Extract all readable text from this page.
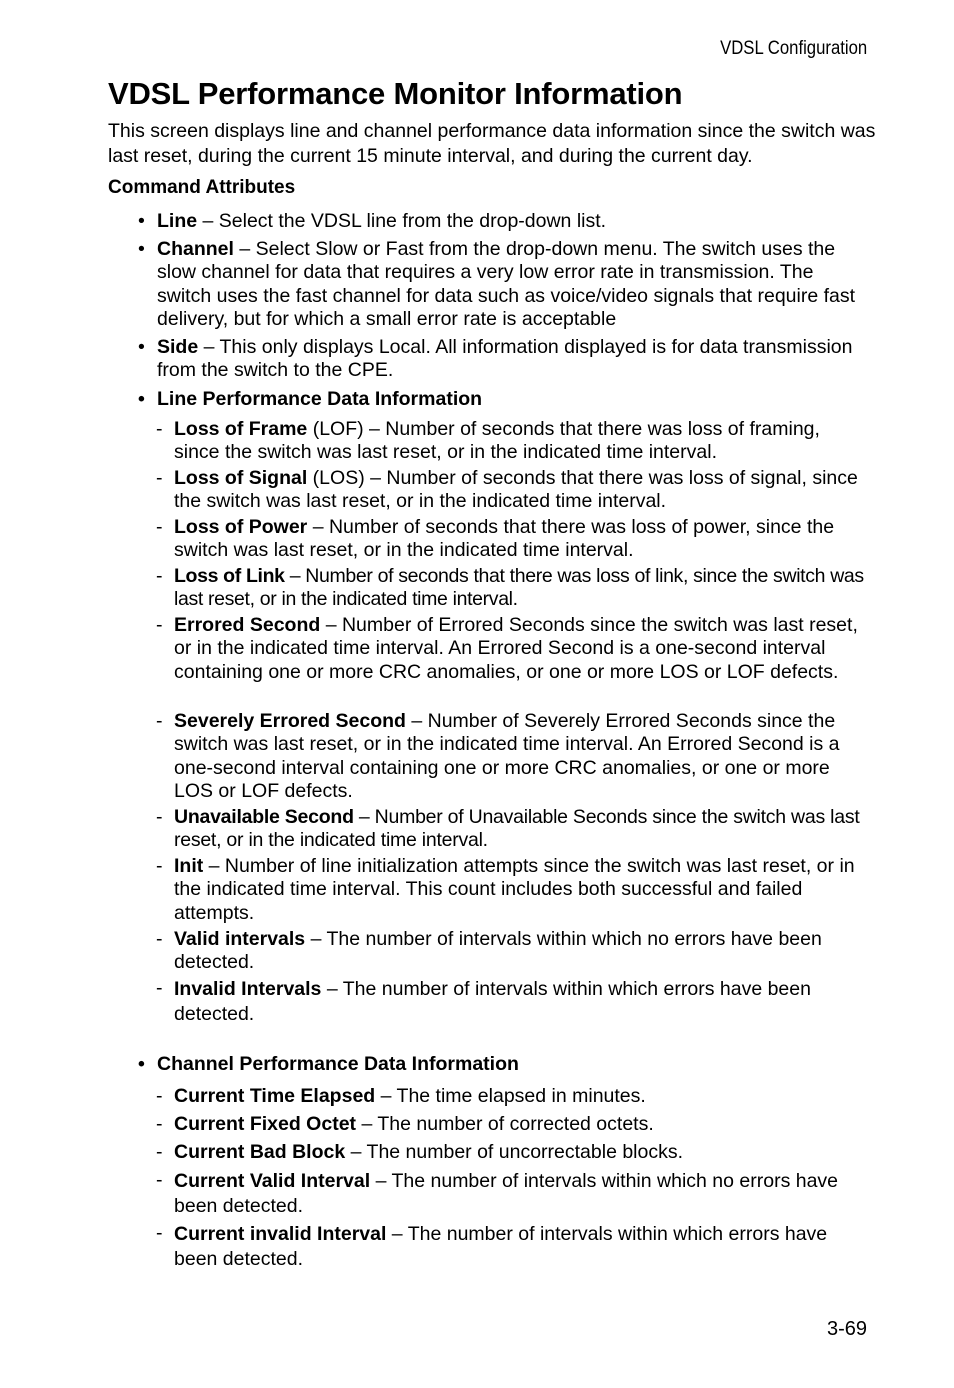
VDSL Configuration
VDSL Performance Monitor Information

This screen displays line and channel performance data information since the switch was last reset, during the current 15 minute interval, and during the current day.

Command Attributes
• Line – Select the VDSL line from the drop-down list.
• Channel – Select Slow or Fast from the drop-down menu. The switch uses the slow channel for data that requires a very low error rate in transmission. The switch uses the fast channel for data such as voice/video signals that require fast delivery, but for which a small error rate is acceptable
• Side – This only displays Local. All information displayed is for data transmission from the switch to the CPE.
• Line Performance Data Information
- Loss of Frame (LOF) – Number of seconds that there was loss of framing, since the switch was last reset, or in the indicated time interval.
- Loss of Signal (LOS) – Number of seconds that there was loss of signal, since the switch was last reset, or in the indicated time interval.
- Loss of Power – Number of seconds that there was loss of power, since the switch was last reset, or in the indicated time interval.
- Loss of Link – Number of seconds that there was loss of link, since the switch was last reset, or in the indicated time interval.
- Errored Second – Number of Errored Seconds since the switch was last reset, or in the indicated time interval. An Errored Second is a one-second interval containing one or more CRC anomalies, or one or more LOS or LOF defects.
- Severely Errored Second – Number of Severely Errored Seconds since the switch was last reset, or in the indicated time interval. An Errored Second is a one-second interval containing one or more CRC anomalies, or one or more LOS or LOF defects.
- Unavailable Second – Number of Unavailable Seconds since the switch was last reset, or in the indicated time interval.
- Init – Number of line initialization attempts since the switch was last reset, or in the indicated time interval. This count includes both successful and failed attempts.
- Valid intervals – The number of intervals within which no errors have been detected.
- Invalid Intervals – The number of intervals within which errors have been detected.
• Channel Performance Data Information
- Current Time Elapsed – The time elapsed in minutes.
- Current Fixed Octet – The number of corrected octets.
- Current Bad Block – The number of uncorrectable blocks.
- Current Valid Interval – The number of intervals within which no errors have been detected.
- Current invalid Interval – The number of intervals within which errors have been detected.
3-69
